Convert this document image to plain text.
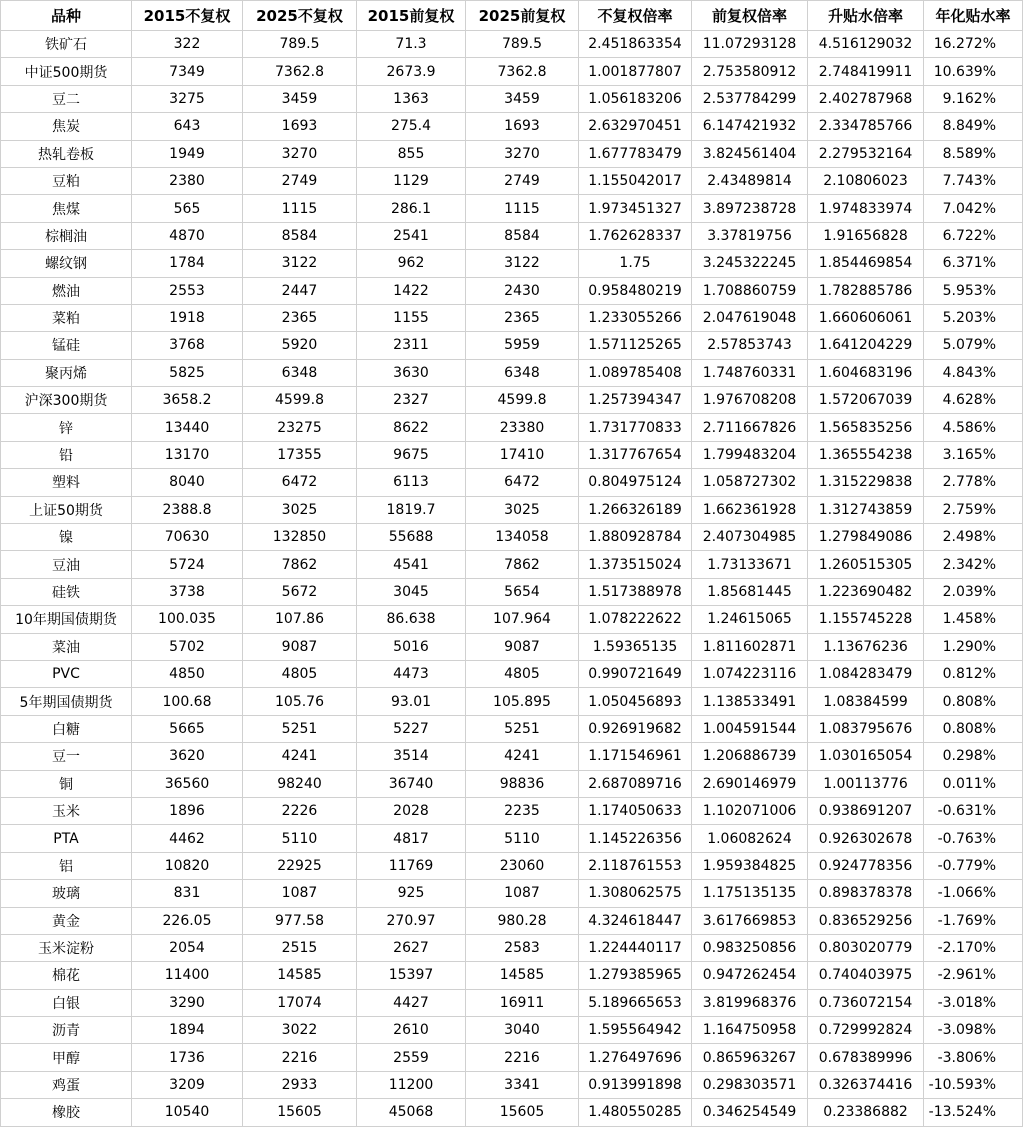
品种	2015不复权	2025不复权	2015前复权	2025前复权	不复权倍率	前复权倍率	升贴水倍率	年化贴水率
铁矿石	322	789.5	71.3	789.5	2.451863354	11.07293128	4.516129032	16.272%
中证500期货	7349	7362.8	2673.9	7362.8	1.001877807	2.753580912	2.748419911	10.639%
豆二	3275	3459	1363	3459	1.056183206	2.537784299	2.402787968	9.162%
焦炭	643	1693	275.4	1693	2.632970451	6.147421932	2.334785766	8.849%
热轧卷板	1949	3270	855	3270	1.677783479	3.824561404	2.279532164	8.589%
豆粕	2380	2749	1129	2749	1.155042017	2.43489814	2.10806023	7.743%
焦煤	565	1115	286.1	1115	1.973451327	3.897238728	1.974833974	7.042%
棕榈油	4870	8584	2541	8584	1.762628337	3.37819756	1.91656828	6.722%
螺纹钢	1784	3122	962	3122	1.75	3.245322245	1.854469854	6.371%
燃油	2553	2447	1422	2430	0.958480219	1.708860759	1.782885786	5.953%
菜粕	1918	2365	1155	2365	1.233055266	2.047619048	1.660606061	5.203%
锰硅	3768	5920	2311	5959	1.571125265	2.57853743	1.641204229	5.079%
聚丙烯	5825	6348	3630	6348	1.089785408	1.748760331	1.604683196	4.843%
沪深300期货	3658.2	4599.8	2327	4599.8	1.257394347	1.976708208	1.572067039	4.628%
锌	13440	23275	8622	23380	1.731770833	2.711667826	1.565835256	4.586%
铅	13170	17355	9675	17410	1.317767654	1.799483204	1.365554238	3.165%
塑料	8040	6472	6113	6472	0.804975124	1.058727302	1.315229838	2.778%
上证50期货	2388.8	3025	1819.7	3025	1.266326189	1.662361928	1.312743859	2.759%
镍	70630	132850	55688	134058	1.880928784	2.407304985	1.279849086	2.498%
豆油	5724	7862	4541	7862	1.373515024	1.73133671	1.260515305	2.342%
硅铁	3738	5672	3045	5654	1.517388978	1.85681445	1.223690482	2.039%
10年期国债期货	100.035	107.86	86.638	107.964	1.078222622	1.24615065	1.155745228	1.458%
菜油	5702	9087	5016	9087	1.59365135	1.811602871	1.13676236	1.290%
PVC	4850	4805	4473	4805	0.990721649	1.074223116	1.084283479	0.812%
5年期国债期货	100.68	105.76	93.01	105.895	1.050456893	1.138533491	1.08384599	0.808%
白糖	5665	5251	5227	5251	0.926919682	1.004591544	1.083795676	0.808%
豆一	3620	4241	3514	4241	1.171546961	1.206886739	1.030165054	0.298%
铜	36560	98240	36740	98836	2.687089716	2.690146979	1.00113776	0.011%
玉米	1896	2226	2028	2235	1.174050633	1.102071006	0.938691207	-0.631%
PTA	4462	5110	4817	5110	1.145226356	1.06082624	0.926302678	-0.763%
铝	10820	22925	11769	23060	2.118761553	1.959384825	0.924778356	-0.779%
玻璃	831	1087	925	1087	1.308062575	1.175135135	0.898378378	-1.066%
黄金	226.05	977.58	270.97	980.28	4.324618447	3.617669853	0.836529256	-1.769%
玉米淀粉	2054	2515	2627	2583	1.224440117	0.983250856	0.803020779	-2.170%
棉花	11400	14585	15397	14585	1.279385965	0.947262454	0.740403975	-2.961%
白银	3290	17074	4427	16911	5.189665653	3.819968376	0.736072154	-3.018%
沥青	1894	3022	2610	3040	1.595564942	1.164750958	0.729992824	-3.098%
甲醇	1736	2216	2559	2216	1.276497696	0.865963267	0.678389996	-3.806%
鸡蛋	3209	2933	11200	3341	0.913991898	0.298303571	0.326374416	-10.593%
橡胶	10540	15605	45068	15605	1.480550285	0.346254549	0.23386882	-13.524%
